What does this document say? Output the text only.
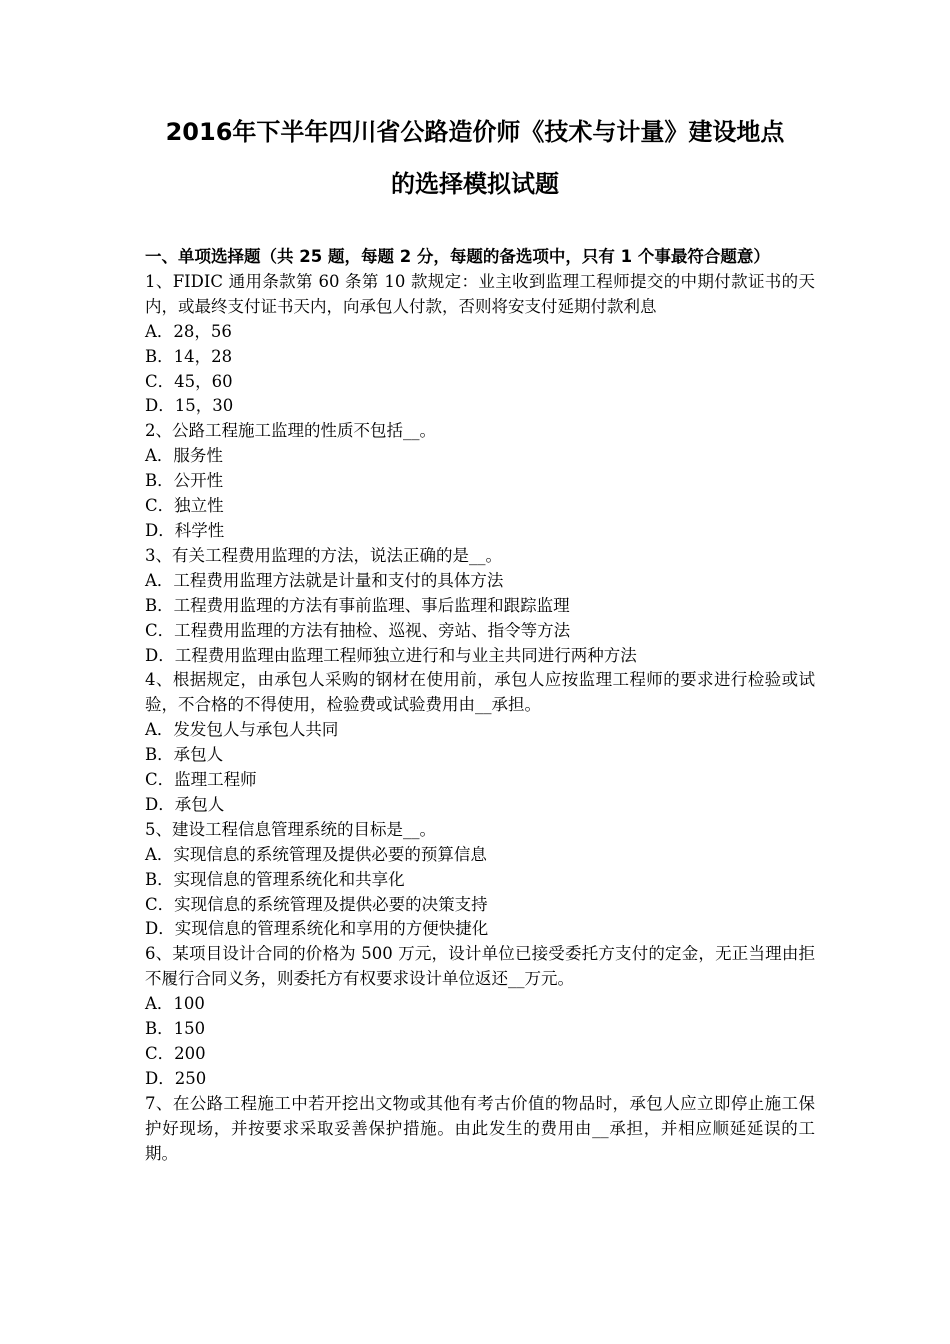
2016年下半年四川省公路造价师《技术与计量》建设地点
的选择模拟试题
一、单项选择题（共 25 题，每题 2 分，每题的备选项中，只有 1 个事最符合题意）
1、FIDIC 通用条款第 60 条第 10 款规定：业主收到监理工程师提交的中期付款证书的天内，或最终支付证书天内，向承包人付款，否则将安支付延期付款利息
A．28，56
B．14，28
C．45，60
D．15，30
2、公路工程施工监理的性质不包括__。
A．服务性
B．公开性
C．独立性
D．科学性
3、有关工程费用监理的方法，说法正确的是__。
A．工程费用监理方法就是计量和支付的具体方法
B．工程费用监理的方法有事前监理、事后监理和跟踪监理
C．工程费用监理的方法有抽检、巡视、旁站、指令等方法
D．工程费用监理由监理工程师独立进行和与业主共同进行两种方法
4、根据规定，由承包人采购的钢材在使用前，承包人应按监理工程师的要求进行检验或试验，不合格的不得使用，检验费或试验费用由__承担。
A．发发包人与承包人共同
B．承包人
C．监理工程师
D．承包人
5、建设工程信息管理系统的目标是__。
A．实现信息的系统管理及提供必要的预算信息
B．实现信息的管理系统化和共享化
C．实现信息的系统管理及提供必要的决策支持
D．实现信息的管理系统化和享用的方便快捷化
6、某项目设计合同的价格为 500 万元，设计单位已接受委托方支付的定金，无正当理由拒不履行合同义务，则委托方有权要求设计单位返还__万元。
A．100
B．150
C．200
D．250
7、在公路工程施工中若开挖出文物或其他有考古价值的物品时，承包人应立即停止施工保护好现场，并按要求采取妥善保护措施。由此发生的费用由__承担，并相应顺延延误的工期。
